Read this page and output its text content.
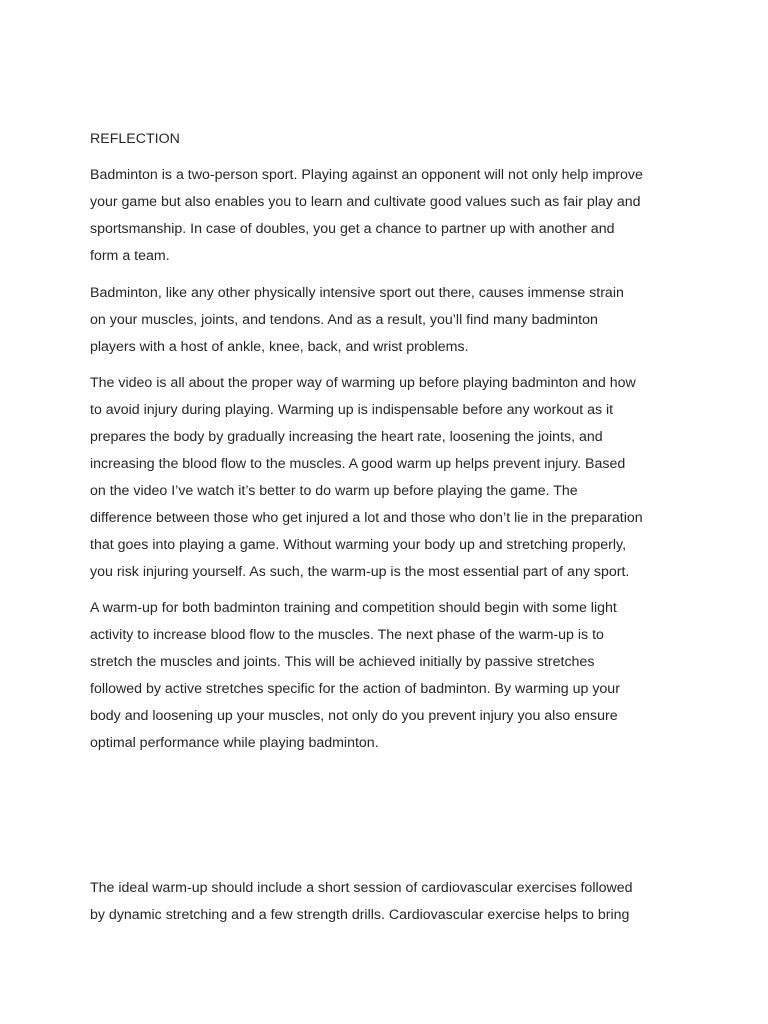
REFLECTION
Badminton is a two-person sport. Playing against an opponent will not only help improve
your game but also enables you to learn and cultivate good values such as fair play and
sportsmanship. In case of doubles, you get a chance to partner up with another and
form a team.
Badminton, like any other physically intensive sport out there, causes immense strain
on your muscles, joints, and tendons. And as a result, you’ll find many badminton
players with a host of ankle, knee, back, and wrist problems.
The video is all about the proper way of warming up before playing badminton and how
to avoid injury during playing. Warming up is indispensable before any workout as it
prepares the body by gradually increasing the heart rate, loosening the joints, and
increasing the blood flow to the muscles. A good warm up helps prevent injury. Based
on the video I’ve watch it’s better to do warm up before playing the game. The
difference between those who get injured a lot and those who don’t lie in the preparation
that goes into playing a game. Without warming your body up and stretching properly,
you risk injuring yourself. As such, the warm-up is the most essential part of any sport.
A warm-up for both badminton training and competition should begin with some light
activity to increase blood flow to the muscles. The next phase of the warm-up is to
stretch the muscles and joints. This will be achieved initially by passive stretches
followed by active stretches specific for the action of badminton. By warming up your
body and loosening up your muscles, not only do you prevent injury you also ensure
optimal performance while playing badminton.
The ideal warm-up should include a short session of cardiovascular exercises followed
by dynamic stretching and a few strength drills. Cardiovascular exercise helps to bring
